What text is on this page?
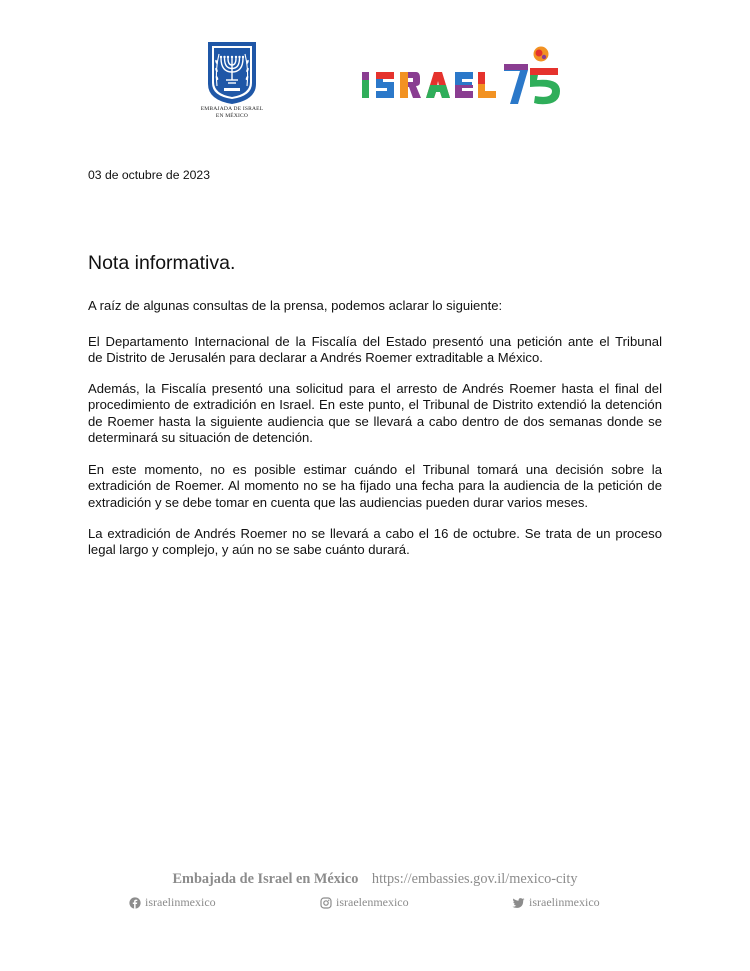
EMBAJADA DE ISRAEL
EN MÉXICO
03 de octubre de 2023
Nota informativa.
A raíz de algunas consultas de la prensa, podemos aclarar lo siguiente:
El Departamento Internacional de la Fiscalía del Estado presentó una petición ante el Tribunal
de Distrito de Jerusalén para declarar a Andrés Roemer extraditable a México.
Además, la Fiscalía presentó una solicitud para el arresto de Andrés Roemer hasta el final del
procedimiento de extradición en Israel. En este punto, el Tribunal de Distrito extendió la detención
de Roemer hasta la siguiente audiencia que se llevará a cabo dentro de dos semanas donde se
determinará su situación de detención.
En este momento, no es posible estimar cuándo el Tribunal tomará una decisión sobre la
extradición de Roemer. Al momento no se ha fijado una fecha para la audiencia de la petición de
extradición y se debe tomar en cuenta que las audiencias pueden durar varios meses.
La extradición de Andrés Roemer no se llevará a cabo el 16 de octubre. Se trata de un proceso
legal largo y complejo, y aún no se sabe cuánto durará.
Embajada de Israel en México https://embassies.gov.il/mexico-city
israelinmexico	israelenmexico	israelinmexico
